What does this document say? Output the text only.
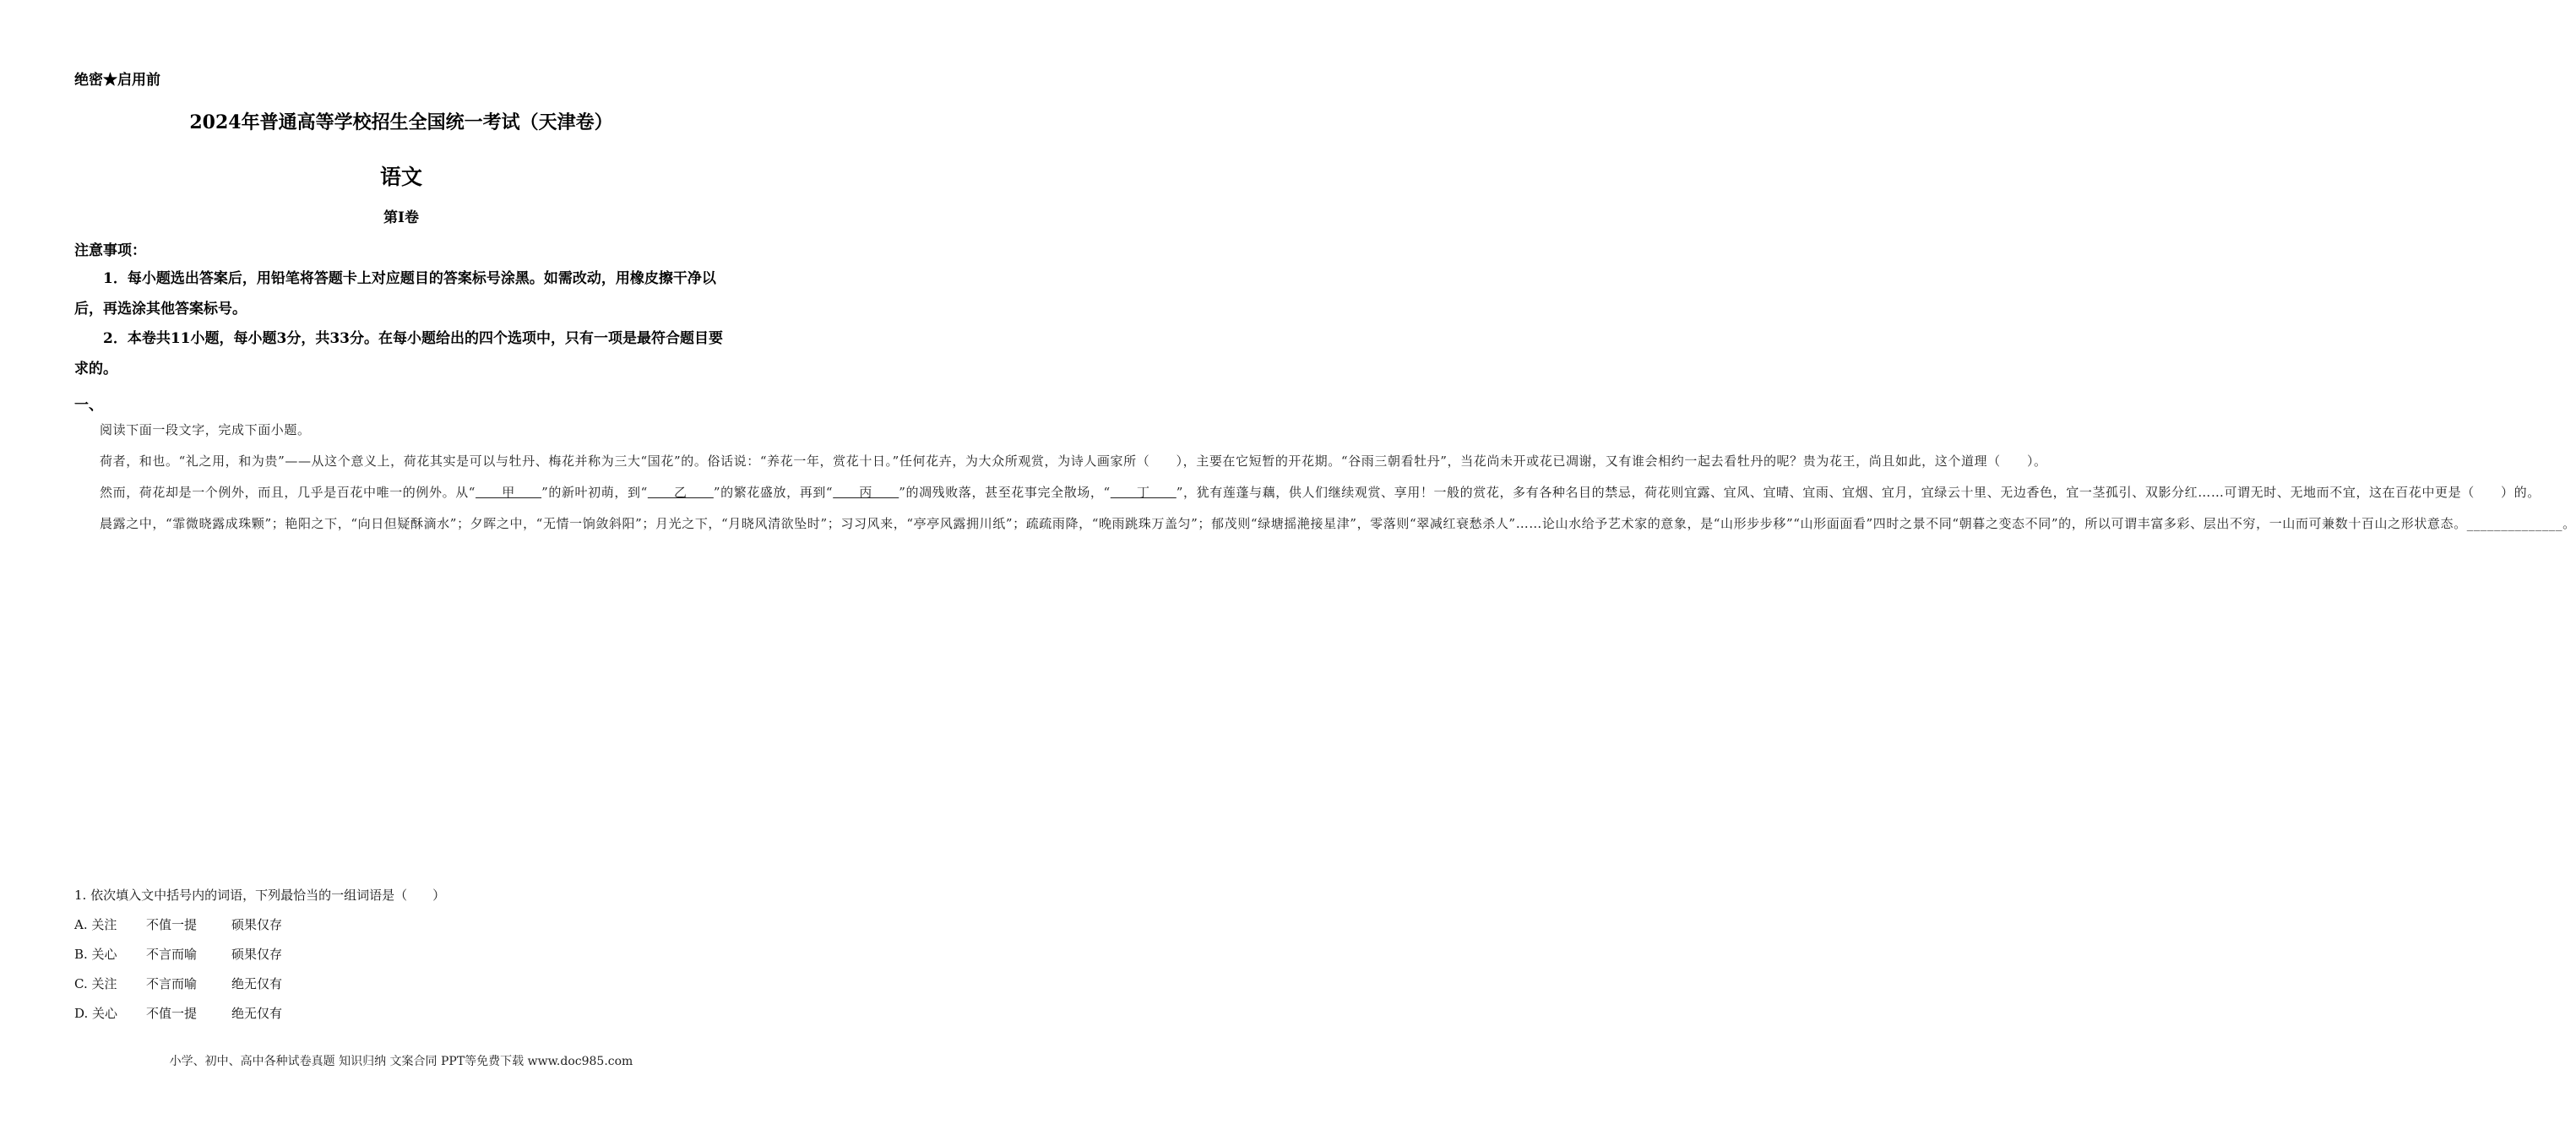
绝密★启用前
2024年普通高等学校招生全国统一考试（天津卷）
语文
第I卷
注意事项：
1．每小题选出答案后，用铅笔将答题卡上对应题目的答案标号涂黑。如需改动，用橡皮擦干净以后，再选涂其他答案标号。
2．本卷共11小题，每小题3分，共33分。在每小题给出的四个选项中，只有一项是最符合题目要求的。
一、

阅读下面一段文字，完成下面小题。

荷者，和也。“礼之用，和为贵”——从这个意义上，荷花其实是可以与牡丹、梅花并称为三大“国花”的。俗话说：“养花一年，赏花十日。”任何花卉，为大众所观赏，为诗人画家所（　　），主要在它短暂的开花期。“谷雨三朝看牡丹”，当花尚未开或花已凋谢，又有谁会相约一起去看牡丹的呢？贵为花王，尚且如此，这个道理（　　）。

然而，荷花却是一个例外，而且，几乎是百花中唯一的例外。从“　　甲　　”的新叶初萌，到“　　乙　　”的繁花盛放，再到“　　丙　　”的凋残败落，甚至花事完全散场，“　　丁　　”，犹有莲蓬与藕，供人们继续观赏、享用！一般的赏花，多有各种名目的禁忌，荷花则宜露、宜风、宜晴、宜雨、宜烟、宜月，宜绿云十里、无边香色，宜一茎孤引、双影分红……可谓无时、无地而不宜，这在百花中更是（　　）的。

晨露之中，“霏微晓露成珠颗”；艳阳之下，“向日但疑酥滴水”；夕晖之中，“无情一饷敛斜阳”；月光之下，“月晓风清欲坠时”；习习风来，“亭亭风露拥川纸”；疏疏雨降，“晚雨跳珠万盖匀”；郁茂则“绿塘摇滟接星津”，零落则“翠减红衰愁杀人”……论山水给予艺术家的意象，是“山形步步移”“山形面面看”四时之景不同“朝暮之变态不同”的，所以可谓丰富多彩、层出不穷，一山而可兼数十百山之形状意态。______________。

1. 依次填入文中括号内的词语，下列最恰当的一组词语是（　　）
A. 关注 不值一提	硕果仅存
B. 关心 不言而喻	硕果仅存
C. 关注 不言而喻	绝无仅有
D. 关心 不值一提	绝无仅有
小学、初中、高中各种试卷真题 知识归纳 文案合同 PPT等免费下载 www.doc985.com
